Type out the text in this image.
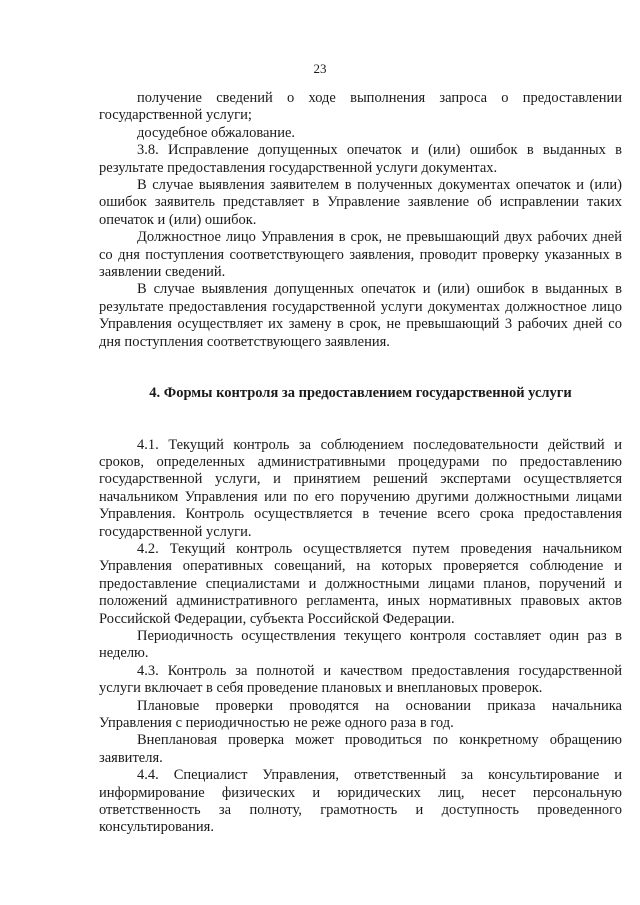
23

получение сведений о ходе выполнения запроса о предоставлении государственной услуги;

досудебное обжалование.

3.8. Исправление допущенных опечаток и (или) ошибок в выданных в результате предоставления государственной услуги документах.

В случае выявления заявителем в полученных документах опечаток и (или) ошибок заявитель представляет в Управление заявление об исправлении таких опечаток и (или) ошибок.

Должностное лицо Управления в срок, не превышающий двух рабочих дней со дня поступления соответствующего заявления, проводит проверку указанных в заявлении сведений.

В случае выявления допущенных опечаток и (или) ошибок в выданных в результате предоставления государственной услуги документах должностное лицо Управления осуществляет их замену в срок, не превышающий 3 рабочих дней со дня поступления соответствующего заявления.

4. Формы контроля за предоставлением государственной услуги

4.1. Текущий контроль за соблюдением последовательности действий и сроков, определенных административными процедурами по предоставлению государственной услуги, и принятием решений экспертами осуществляется начальником Управления или по его поручению другими должностными лицами Управления. Контроль осуществляется в течение всего срока предоставления государственной услуги.

4.2. Текущий контроль осуществляется путем проведения начальником Управления оперативных совещаний, на которых проверяется соблюдение и предоставление специалистами и должностными лицами планов, поручений и положений административного регламента, иных нормативных правовых актов Российской Федерации, субъекта Российской Федерации.

Периодичность осуществления текущего контроля составляет один раз в неделю.

4.3. Контроль за полнотой и качеством предоставления государственной услуги включает в себя проведение плановых и внеплановых проверок.

Плановые проверки проводятся на основании приказа начальника Управления с периодичностью не реже одного раза в год.

Внеплановая проверка может проводиться по конкретному обращению заявителя.

4.4. Специалист Управления, ответственный за консультирование и информирование физических и юридических лиц, несет персональную ответственность за полноту, грамотность и доступность проведенного консультирования.
